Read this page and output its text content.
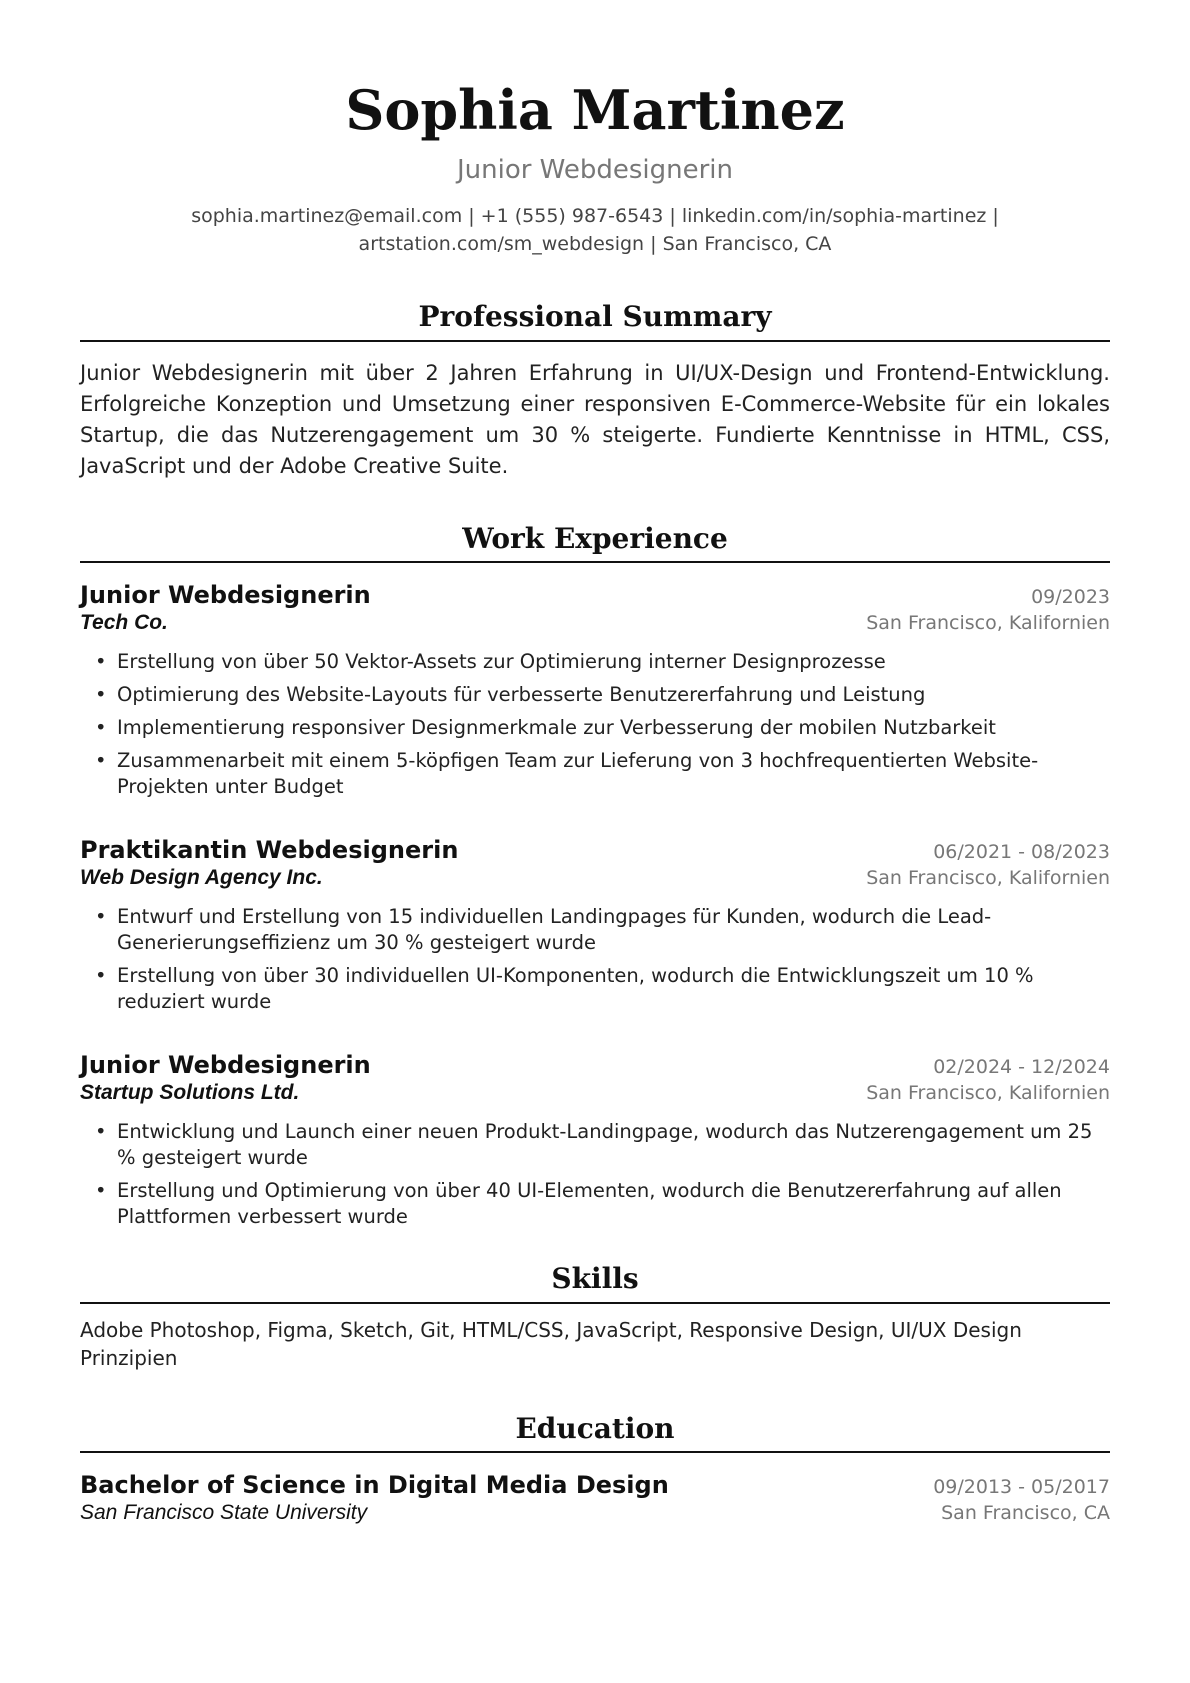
Sophia Martinez
Junior Webdesignerin
sophia.martinez@email.com | +1 (555) 987-6543 | linkedin.com/in/sophia-martinez |
artstation.com/sm_webdesign | San Francisco, CA
Professional Summary
Junior Webdesignerin mit über 2 Jahren Erfahrung in UI/UX-Design und Frontend-Entwicklung. Erfolgreiche Konzeption und Umsetzung einer responsiven E-Commerce-Website für ein lokales Startup, die das Nutzerengagement um 30 % steigerte. Fundierte Kenntnisse in HTML, CSS, JavaScript und der Adobe Creative Suite.
Work Experience
Junior Webdesignerin	09/2023
Tech Co.	San Francisco, Kalifornien
• Erstellung von über 50 Vektor-Assets zur Optimierung interner Designprozesse
• Optimierung des Website-Layouts für verbesserte Benutzererfahrung und Leistung
• Implementierung responsiver Designmerkmale zur Verbesserung der mobilen Nutzbarkeit
• Zusammenarbeit mit einem 5-köpfigen Team zur Lieferung von 3 hochfrequentierten Website-Projekten unter Budget
Praktikantin Webdesignerin	06/2021 - 08/2023
Web Design Agency Inc.	San Francisco, Kalifornien
• Entwurf und Erstellung von 15 individuellen Landingpages für Kunden, wodurch die Lead-Generierungseffizienz um 30 % gesteigert wurde
• Erstellung von über 30 individuellen UI-Komponenten, wodurch die Entwicklungszeit um 10 % reduziert wurde
Junior Webdesignerin	02/2024 - 12/2024
Startup Solutions Ltd.	San Francisco, Kalifornien
• Entwicklung und Launch einer neuen Produkt-Landingpage, wodurch das Nutzerengagement um 25 % gesteigert wurde
• Erstellung und Optimierung von über 40 UI-Elementen, wodurch die Benutzererfahrung auf allen Plattformen verbessert wurde
Skills
Adobe Photoshop, Figma, Sketch, Git, HTML/CSS, JavaScript, Responsive Design, UI/UX Design Prinzipien
Education
Bachelor of Science in Digital Media Design	09/2013 - 05/2017
San Francisco State University	San Francisco, CA
